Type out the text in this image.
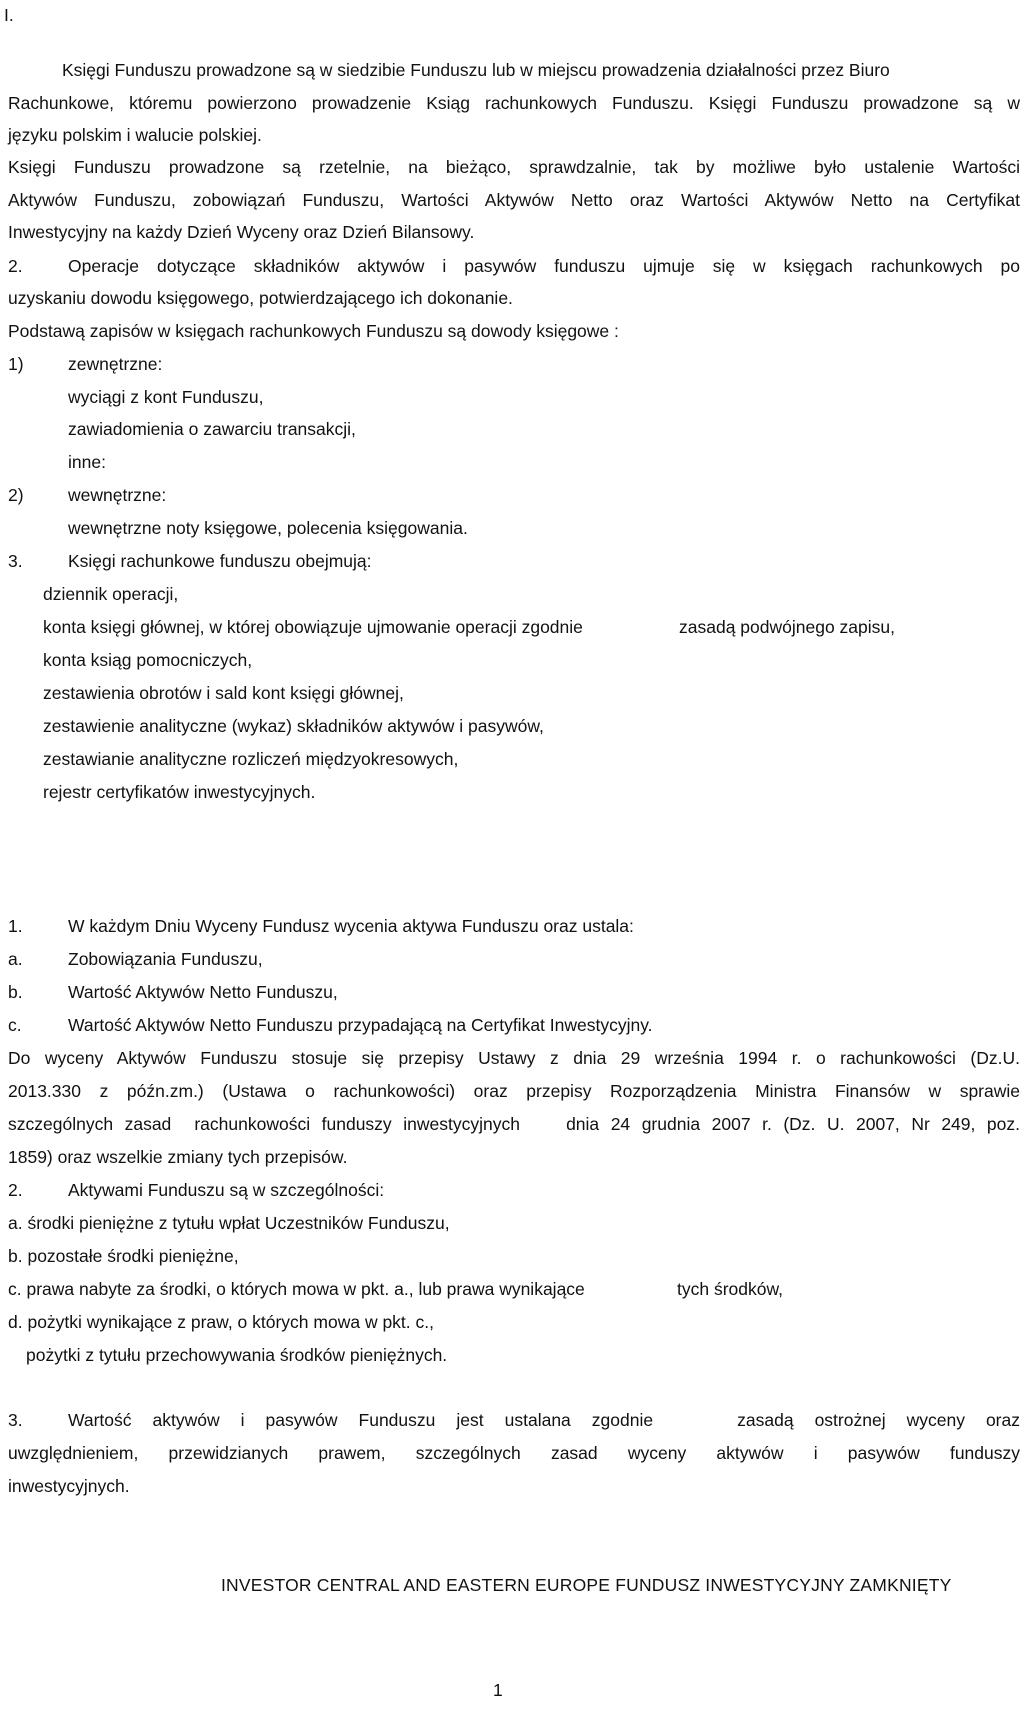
I.

Księgi Funduszu prowadzone są w siedzibie Funduszu lub w miejscu prowadzenia działalności przez Biuro

Rachunkowe, któremu powierzono prowadzenie Ksiąg rachunkowych Funduszu. Księgi Funduszu prowadzone są w

języku polskim i walucie polskiej.

Księgi Funduszu prowadzone są rzetelnie, na bieżąco, sprawdzalnie, tak by możliwe było ustalenie Wartości

Aktywów Funduszu, zobowiązań Funduszu, Wartości Aktywów Netto oraz Wartości Aktywów Netto na Certyfikat

Inwestycyjny na każdy Dzień Wyceny oraz Dzień Bilansowy.

2.	Operacje dotyczące składników aktywów i pasywów funduszu ujmuje się w księgach rachunkowych po

uzyskaniu dowodu księgowego, potwierdzającego ich dokonanie.

Podstawą zapisów w księgach rachunkowych Funduszu są dowody księgowe :

1)	zewnętrzne:

wyciągi z kont Funduszu,

zawiadomienia o zawarciu transakcji,

inne:

2)	wewnętrzne:

wewnętrzne noty księgowe, polecenia księgowania.

3.	Księgi rachunkowe funduszu obejmują:

dziennik operacji,

konta księgi głównej, w której obowiązuje ujmowanie operacji zgodnie	zasadą podwójnego zapisu,

konta ksiąg pomocniczych,

zestawienia obrotów i sald kont księgi głównej,

zestawienie analityczne (wykaz) składników aktywów i pasywów,

zestawianie analityczne rozliczeń międzyokresowych,

rejestr certyfikatów inwestycyjnych.

1.	W każdym Dniu Wyceny Fundusz wycenia aktywa Funduszu oraz ustala:

a.	Zobowiązania Funduszu,

b.	Wartość Aktywów Netto Funduszu,

c.	Wartość Aktywów Netto Funduszu przypadającą na Certyfikat Inwestycyjny.

Do wyceny Aktywów Funduszu stosuje się przepisy Ustawy z dnia 29 września 1994 r. o rachunkowości (Dz.U.

2013.330 z późn.zm.) (Ustawa o rachunkowości) oraz przepisy Rozporządzenia Ministra Finansów w sprawie

szczególnych zasad  rachunkowości funduszy inwestycyjnych    dnia 24 grudnia 2007 r. (Dz. U. 2007, Nr 249, poz.

1859) oraz wszelkie zmiany tych przepisów.

2.	Aktywami Funduszu są w szczególności:

a. środki pieniężne z tytułu wpłat Uczestników Funduszu,

b. pozostałe środki pieniężne,

c. prawa nabyte za środki, o których mowa w pkt. a., lub prawa wynikające	tych środków,

d. pożytki wynikające z praw, o których mowa w pkt. c.,

pożytki z tytułu przechowywania środków pieniężnych.

3.	Wartość aktywów i pasywów Funduszu jest ustalana zgodnie    zasadą ostrożnej wyceny oraz

uwzględnieniem, przewidzianych prawem, szczególnych zasad wyceny aktywów i pasywów funduszy

inwestycyjnych.

INVESTOR CENTRAL AND EASTERN EUROPE FUNDUSZ INWESTYCYJNY ZAMKNIĘTY

1
